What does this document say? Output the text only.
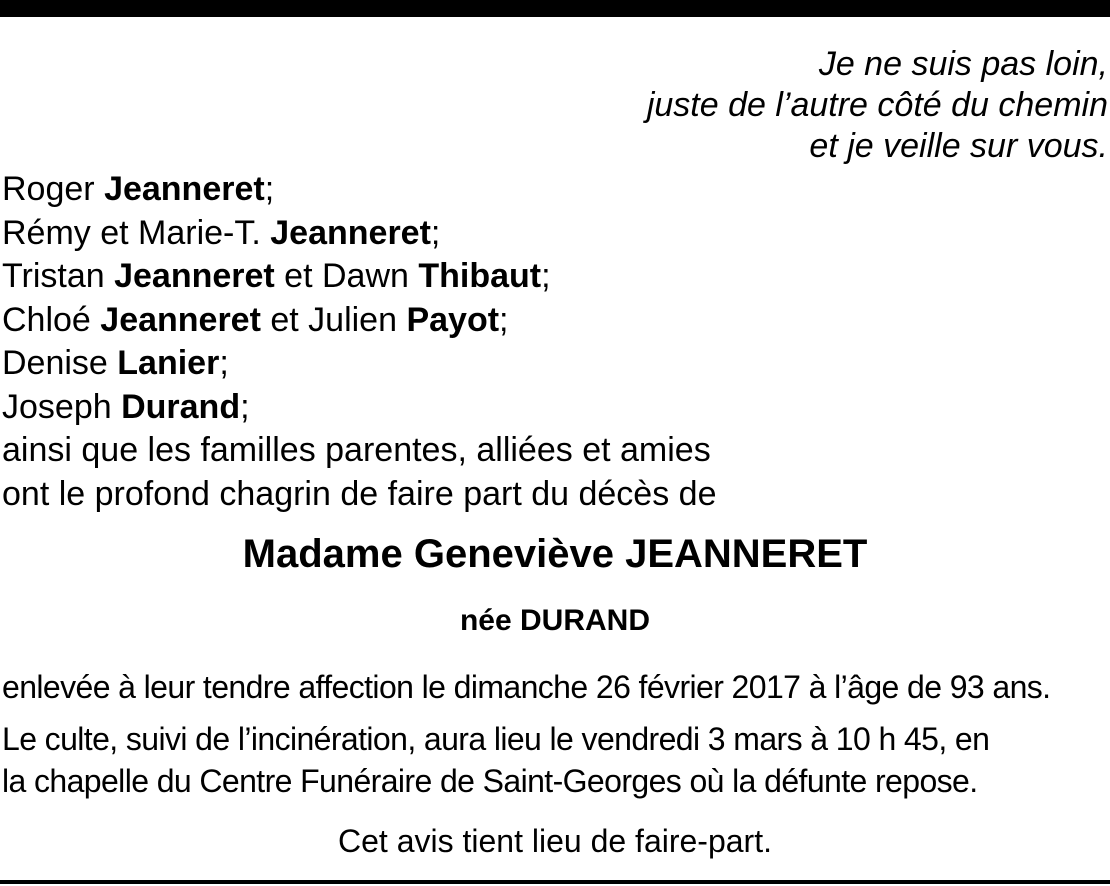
Je ne suis pas loin,
juste de l’autre côté du chemin
et je veille sur vous.
Roger Jeanneret;
Rémy et Marie-T. Jeanneret;
Tristan Jeanneret et Dawn Thibaut;
Chloé Jeanneret et Julien Payot;
Denise Lanier;
Joseph Durand;
ainsi que les familles parentes, alliées et amies
ont le profond chagrin de faire part du décès de
Madame Geneviève JEANNERET
née DURAND
enlevée à leur tendre affection le dimanche 26 février 2017 à l’âge de 93 ans.
Le culte, suivi de l’incinération, aura lieu le vendredi 3 mars à 10 h 45, en
la chapelle du Centre Funéraire de Saint-Georges où la défunte repose.
Cet avis tient lieu de faire-part.
